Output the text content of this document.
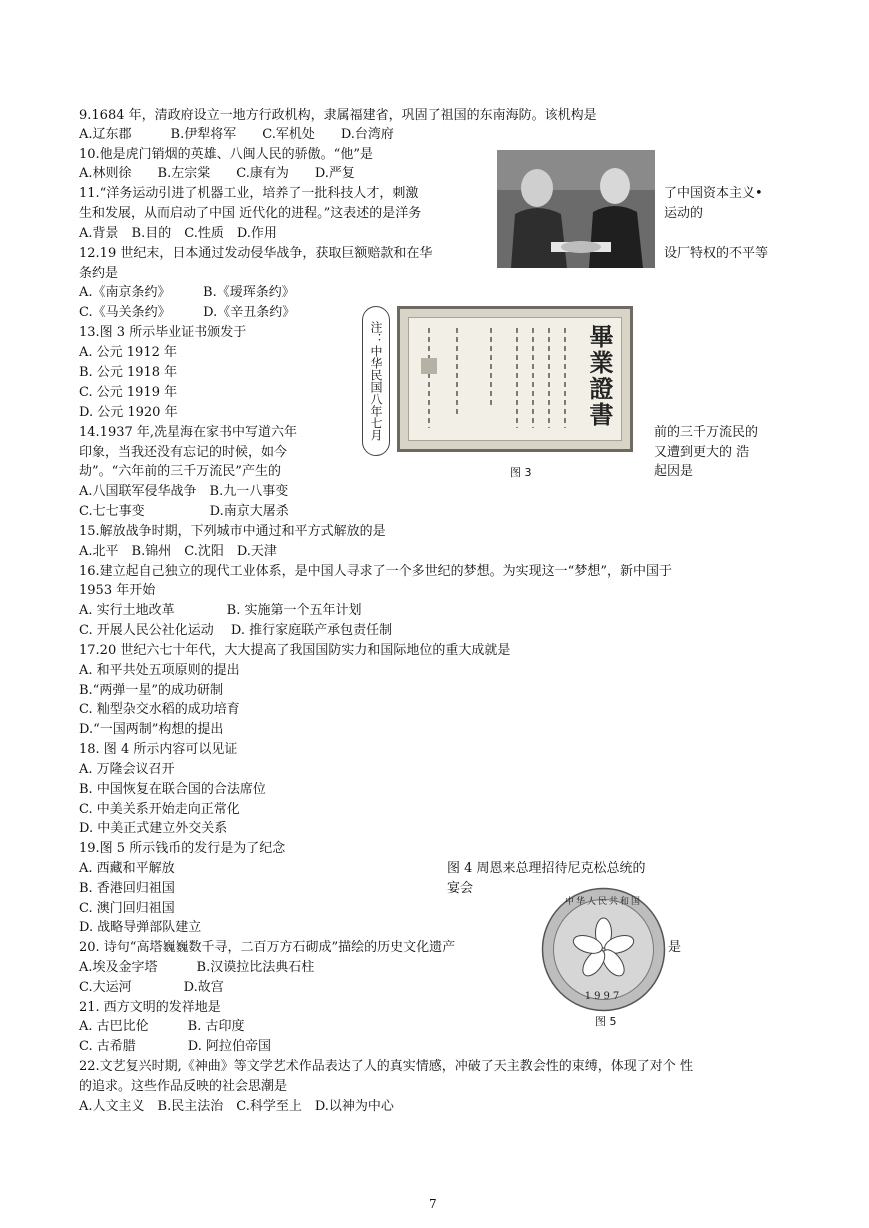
9.1684 年，清政府设立一地方行政机构，隶属福建省，巩固了祖国的东南海防。该机构是
A.辽东郡　　　B.伊犁将军　　C.军机处　　D.台湾府
10.他是虎门销烟的英雄、八闽人民的骄傲。“他”是
A.林则徐　　B.左宗棠　　C.康有为　　D.严复
11.“洋务运动引进了机器工业，培养了一批科技人才，刺激	了中国资本主义•
生和发展，从而启动了中国 近代化的进程。”这表述的是洋务	运动的
A.背景　B.目的　C.性质　D.作用
12.19 世纪末，日本通过发动侵华战争，获取巨额赔款和在华	设厂特权的不平等
条约是
A.《南京条约》　　　B.《瑷珲条约》
C.《马关条约》　　　D.《辛丑条约》
13.图 3 所示毕业证书颁发于
A. 公元 1912 年
B. 公元 1918 年
C. 公元 1919 年
D. 公元 1920 年	注：中华民国八年七月	畢業證書
图 3
14.1937 年,冼星海在家书中写道六年	前的三千万流民的
印象，当我还没有忘记的时候，如今	又遭到更大的 浩
劫”。“六年前的三千万流民”产生的	起因是
A.八国联军侵华战争　B.九一八事变
C.七七事变　　　　　D.南京大屠杀
15.解放战争时期，下列城市中通过和平方式解放的是
A.北平　B.锦州　C.沈阳　D.天津
16.建立起自己独立的现代工业体系，是中国人寻求了一个多世纪的梦想。为实现这一“梦想”，新中国于
1953 年开始
A. 实行土地改革　　　　B. 实施第一个五年计划
C. 开展人民公社化运动　 D. 推行家庭联产承包责任制
17.20 世纪六七十年代，大大提高了我国国防实力和国际地位的重大成就是
A. 和平共处五项原则的提出
B.“两弹一星”的成功研制
C. 籼型杂交水稻的成功培育
D.“一国两制”构想的提出
18. 图 4 所示内容可以见证
A. 万隆会议召开
B. 中国恢复在联合国的合法席位
C. 中美关系开始走向正常化
D. 中美正式建立外交关系
19.图 5 所示钱币的发行是为了纪念
A. 西藏和平解放
B. 香港回归祖国
C. 澳门回归祖国
D. 战略导弹部队建立
图 4 周恩来总理招待尼克松总统的
宴会
中华人民共和国
1997
图 5
20. 诗句“高塔巍巍数千寻，二百万方石砌成”描绘的历史文化遗产	是
A.埃及金字塔　　　B.汉谟拉比法典石柱
C.大运河　　　　D.故宫
21. 西方文明的发祥地是
A. 古巴比伦　　　B. 古印度
C. 古希腊　　　　D. 阿拉伯帝国
22.文艺复兴时期,《神曲》等文学艺术作品表达了人的真实情感，冲破了天主教会性的束缚，体现了对个 性
的追求。这些作品反映的社会思潮是
A.人文主义　B.民主法治　C.科学至上　D.以神为中心
7
